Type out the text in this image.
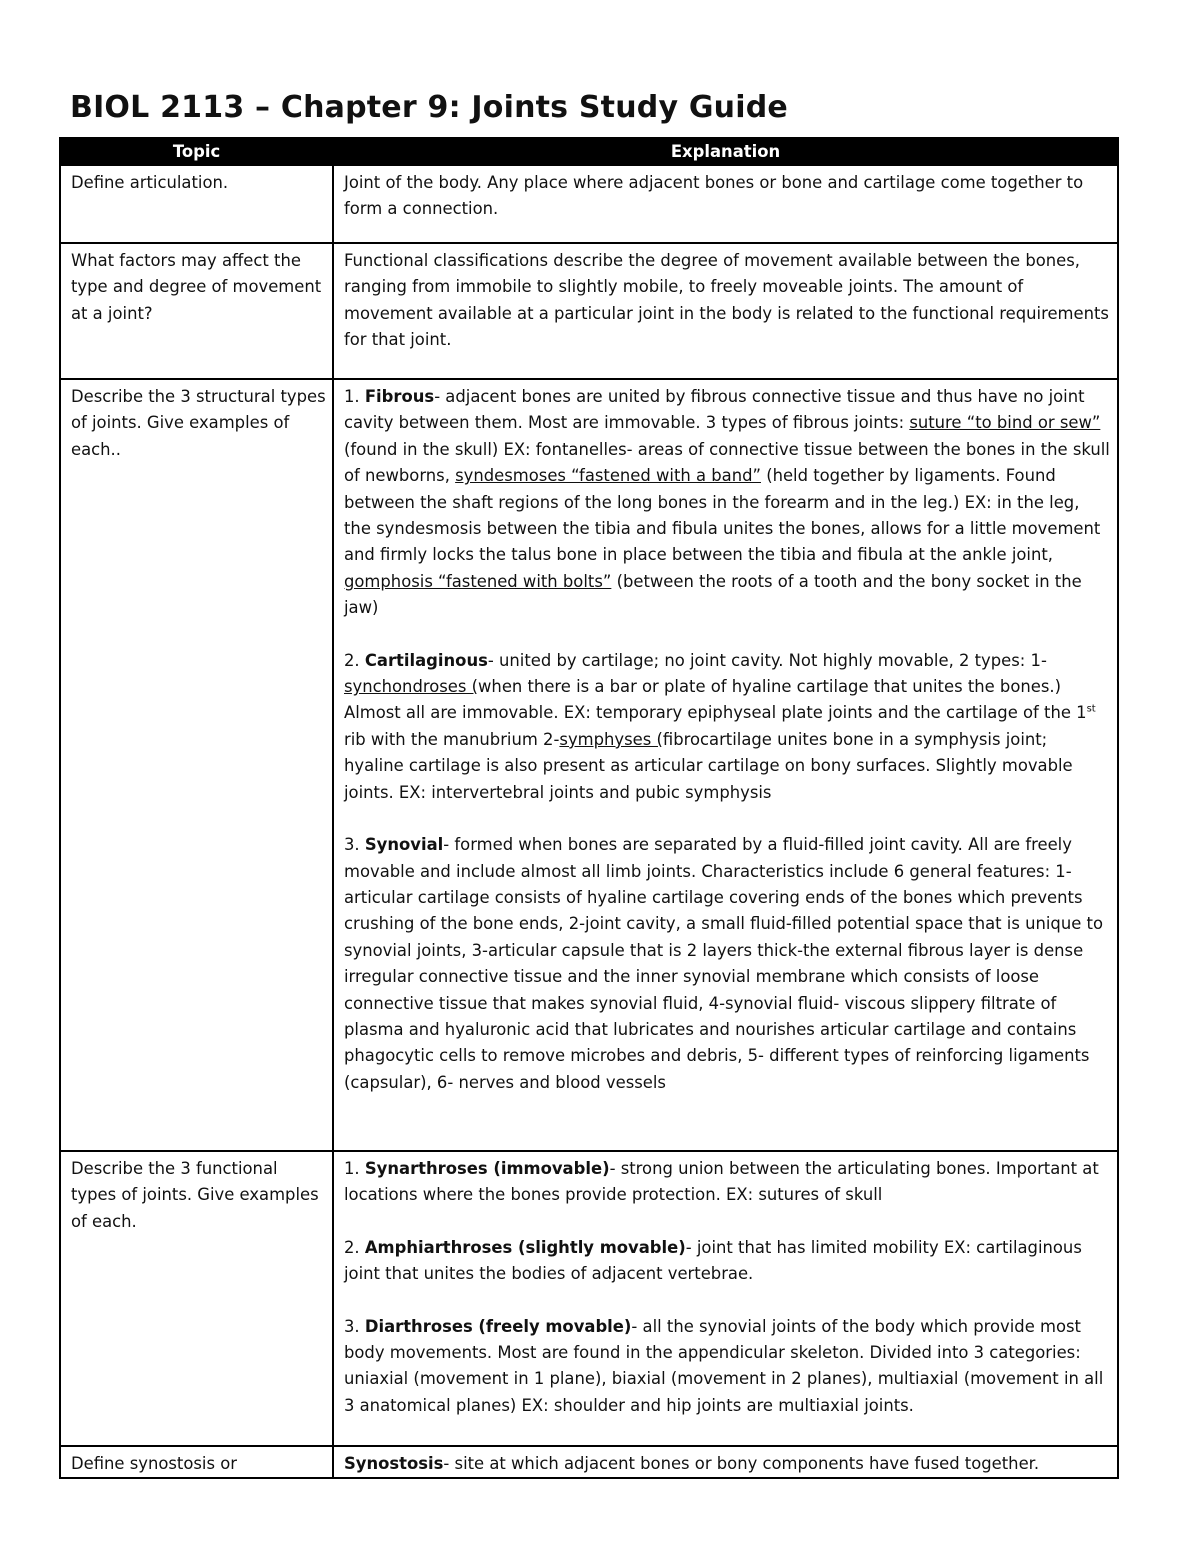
BIOL 2113 – Chapter 9: Joints Study Guide
Topic	Explanation
Define articulation.	Joint of the body. Any place where adjacent bones or bone and cartilage come together to form a connection.
What factors may affect the type and degree of movement at a joint?	Functional classifications describe the degree of movement available between the bones, ranging from immobile to slightly mobile, to freely moveable joints. The amount of movement available at a particular joint in the body is related to the functional requirements for that joint.
Describe the 3 structural types of joints. Give examples of each..	1. Fibrous- adjacent bones are united by fibrous connective tissue and thus have no joint cavity between them. Most are immovable. 3 types of fibrous joints: suture “to bind or sew” (found in the skull) EX: fontanelles- areas of connective tissue between the bones in the skull of newborns, syndesmoses “fastened with a band” (held together by ligaments. Found between the shaft regions of the long bones in the forearm and in the leg.) EX: in the leg, the syndesmosis between the tibia and fibula unites the bones, allows for a little movement and firmly locks the talus bone in place between the tibia and fibula at the ankle joint, gomphosis “fastened with bolts” (between the roots of a tooth and the bony socket in the jaw)
2. Cartilaginous- united by cartilage; no joint cavity. Not highly movable, 2 types: 1-synchondroses (when there is a bar or plate of hyaline cartilage that unites the bones.) Almost all are immovable. EX: temporary epiphyseal plate joints and the cartilage of the 1st rib with the manubrium 2-symphyses (fibrocartilage unites bone in a symphysis joint; hyaline cartilage is also present as articular cartilage on bony surfaces. Slightly movable joints. EX: intervertebral joints and pubic symphysis
3. Synovial- formed when bones are separated by a fluid-filled joint cavity. All are freely movable and include almost all limb joints. Characteristics include 6 general features: 1-articular cartilage consists of hyaline cartilage covering ends of the bones which prevents crushing of the bone ends, 2-joint cavity, a small fluid-filled potential space that is unique to synovial joints, 3-articular capsule that is 2 layers thick-the external fibrous layer is dense irregular connective tissue and the inner synovial membrane which consists of loose connective tissue that makes synovial fluid, 4-synovial fluid- viscous slippery filtrate of plasma and hyaluronic acid that lubricates and nourishes articular cartilage and contains phagocytic cells to remove microbes and debris, 5- different types of reinforcing ligaments (capsular), 6- nerves and blood vessels

Describe the 3 functional types of joints. Give examples of each.	1. Synarthroses (immovable)- strong union between the articulating bones. Important at locations where the bones provide protection. EX: sutures of skull
2. Amphiarthroses (slightly movable)- joint that has limited mobility EX: cartilaginous joint that unites the bodies of adjacent vertebrae.
3. Diarthroses (freely movable)- all the synovial joints of the body which provide most body movements. Most are found in the appendicular skeleton. Divided into 3 categories: uniaxial (movement in 1 plane), biaxial (movement in 2 planes), multiaxial (movement in all 3 anatomical planes) EX: shoulder and hip joints are multiaxial joints.

Define synostosis or	Synostosis- site at which adjacent bones or bony components have fused together.
